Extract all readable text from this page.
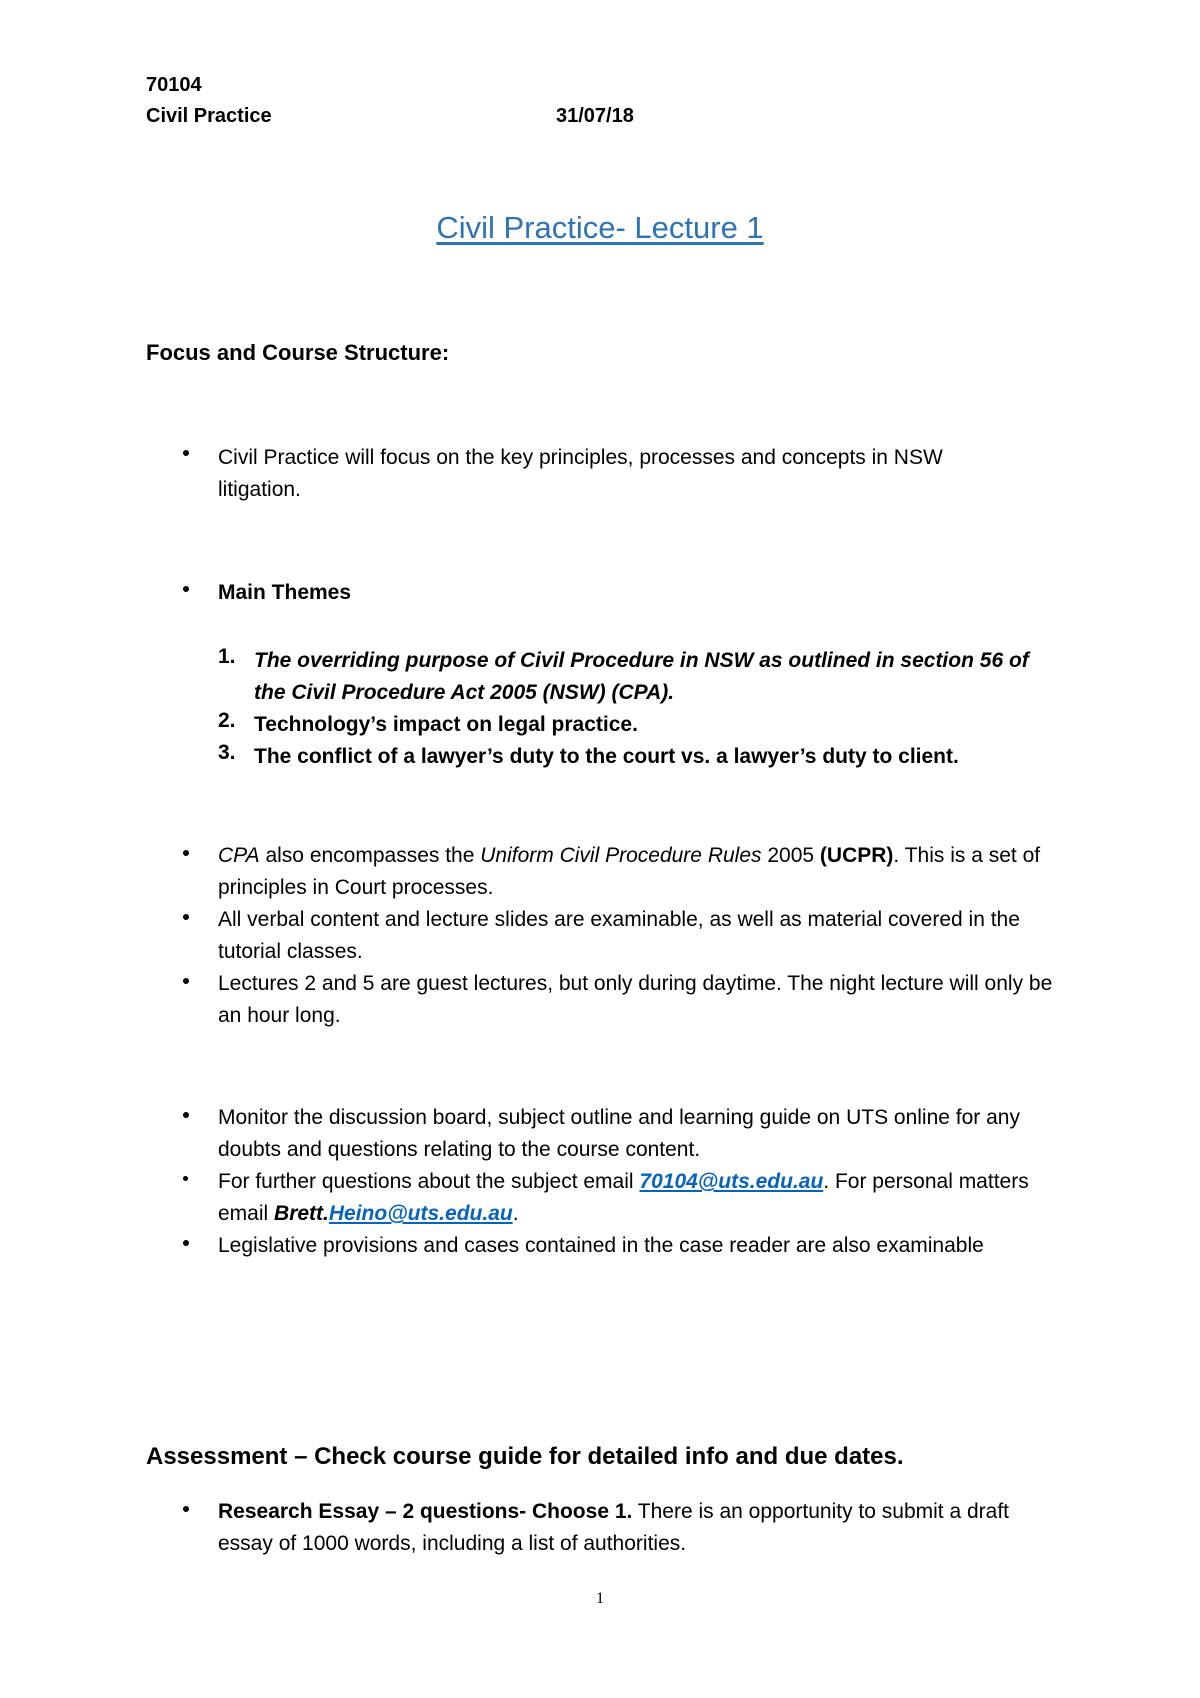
70104
Civil Practice	31/07/18
Civil Practice- Lecture 1
Focus and Course Structure:
Civil Practice will focus on the key principles, processes and concepts in NSW litigation.
Main Themes
1. The overriding purpose of Civil Procedure in NSW as outlined in section 56 of the Civil Procedure Act 2005 (NSW) (CPA).
2. Technology’s impact on legal practice.
3. The conflict of a lawyer’s duty to the court vs. a lawyer’s duty to client.
CPA also encompasses the Uniform Civil Procedure Rules 2005 (UCPR). This is a set of principles in Court processes.
All verbal content and lecture slides are examinable, as well as material covered in the tutorial classes.
Lectures 2 and 5 are guest lectures, but only during daytime. The night lecture will only be an hour long.
Monitor the discussion board, subject outline and learning guide on UTS online for any doubts and questions relating to the course content.
For further questions about the subject email 70104@uts.edu.au. For personal matters email Brett.Heino@uts.edu.au.
Legislative provisions and cases contained in the case reader are also examinable
Assessment – Check course guide for detailed info and due dates.
Research Essay – 2 questions- Choose 1. There is an opportunity to submit a draft essay of 1000 words, including a list of authorities.
1
